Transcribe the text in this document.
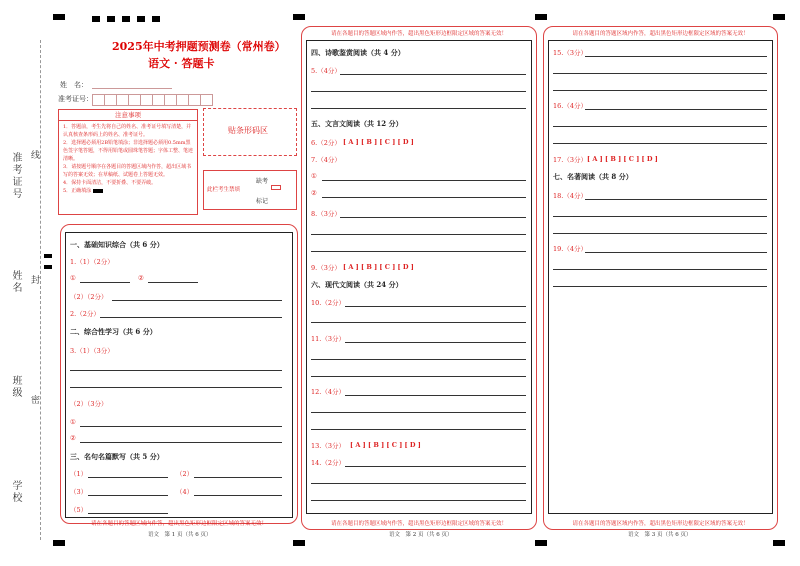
准考证号 线
姓名 封
班级
密
学校
2025年中考押题预测卷（常州卷）
语文 · 答题卡
姓　名：
准考证号：
注意事项
1．答题前，考生先将自己的姓名、准考证号填写清楚，并认真核查条形码上的姓名、准考证号。
2．选择题必须用2B铅笔填涂；非选择题必须用0.5mm黑色签字笔答题，不得用铅笔或圆珠笔答题；字体工整、笔迹清晰。
3．请按题号顺序在各题目的答题区域内作答，超出区域书写的答案无效；在草稿纸、试题卷上答题无效。
4．保持卡面清洁，不要折叠、不要弄破。
5．正确填涂
贴条形码区
此栏考生禁填
缺考
标记
一、基础知识综合（共 6 分）
1.（1）（2分）
①	②
（2）（2分）
2.（2分）
二、综合性学习（共 6 分）
3.（1）（3分）
（2）（3分）
①
②
三、名句名篇默写（共 5 分）
（1）	（2）
（3）	（4）
（5）
请在各题目的答题区域内作答，超出黑色矩形边框限定区域的答案无效！
语文　第 1 页（共 6 页）
请在各题目的答题区域内作答，超出黑色矩形边框限定区域的答案无效！
四、诗歌鉴赏阅读（共 4 分）
5.（4分）
五、文言文阅读（共 12 分）
6.（2分） [ A ] [ B ] [ C ] [ D ]
7.（4分）
①
②
8.（3分）
9.（3分） [ A ] [ B ] [ C ] [ D ]
六、现代文阅读（共 24 分）
10.（2分）
11.（3分）
12.（4分）
13.（3分） [ A ] [ B ] [ C ] [ D ]
14.（2分）
请在各题目的答题区域内作答，超出黑色矩形边框限定区域的答案无效！
语文　第 2 页（共 6 页）
请在各题目的答题区域内作答，超出黑色矩形边框限定区域的答案无效！
15.（3分）
16.（4分）
17.（3分） [ A ] [ B ] [ C ] [ D ]
七、名著阅读（共 8 分）
18.（4分）
19.（4分）
请在各题目的答题区域内作答，超出黑色矩形边框限定区域的答案无效！
语文　第 3 页（共 6 页）
